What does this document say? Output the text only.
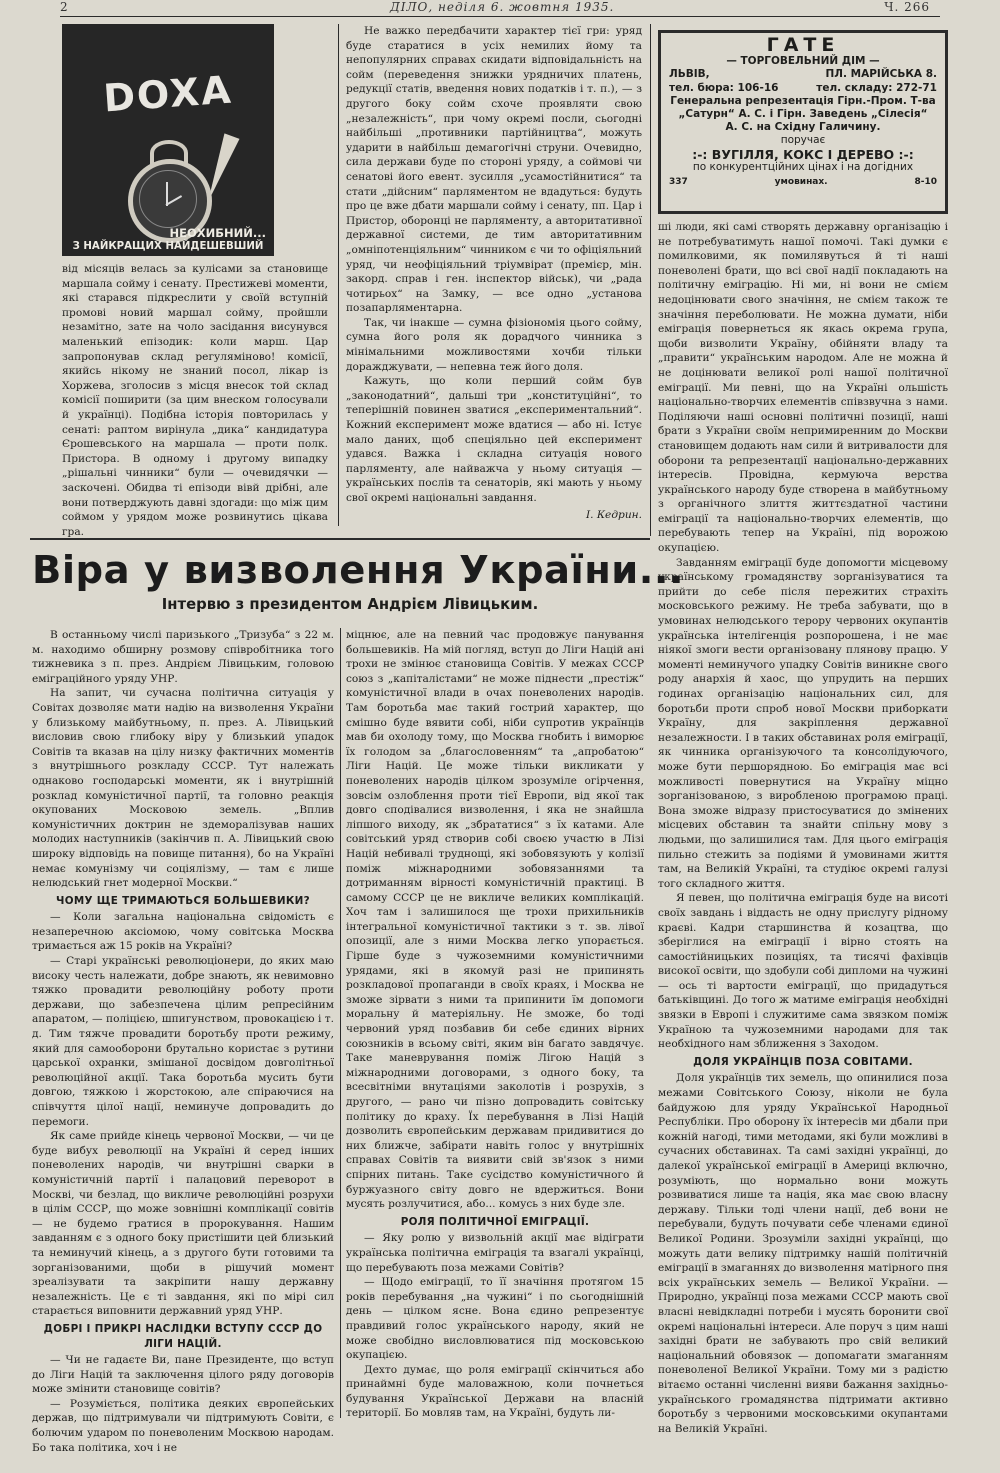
2	ДІЛО, неділя 6. жовтня 1935.	Ч. 266
DOXA
НЕОХИБНИЙ...
З НАЙКРАЩИХ НАЙДЕШЕВШИЙ

від місяців велась за кулісами за становище маршала сойму і сенату. Престижеві моменти, які старався підкреслити у своїй вступній промові новий маршал сойму, пройшли незамітно, зате на чоло засідання висунувся маленький епізодик: коли марш. Цар запропонував склад регуляміново! комісії, якийсь нікому не знаний посол, лікар із Хоржева, зголосив з місця внесок той склад комісії поширити (за цим внеском голосували й українці). Подібна історія повторилась у сенаті: раптом вирінула „дика“ кандидатура Єрошевського на маршала — проти полк. Пристора. В одному і другому випадку „рішальні чинники“ були — очевидячки — заскочені. Обидва ті епізоди вівй дрібні, але вони потверджують давні здогади: що між цим соймом у урядом може розвинутись цікава гра.

Не важко передбачити характер тієї гри: уряд буде старатися в усіх немилих йому та непопулярних справах скидати відповідальність на сойм (переведення знижки урядничих платень, редукції статів, введення нових податків і т. п.), — з другого боку сойм схоче проявляти свою „незалежність“, при чому окремі посли, сьогодні найбільші „противники партійництва“, можуть ударити в найбільш демагогічні струни. Очевидно, сила держави буде по стороні уряду, а соймові чи сенатові його евент. зусилля „усамостійнитися“ та стати „дійсним“ парляментом не вдадуться: будуть про це вже дбати маршали сойму і сенату, пп. Цар і Пристор, оборонці не парляменту, а авторитативної державної системи, де тим авторитативним „омніпотенціяльним“ чинником є чи то офіціяльний уряд, чи неофіціяльний тріумвірат (премієр, мін. закорд. справ і ген. інспектор військ), чи „рада чотирьох“ на Замку, — все одно „установа позапарляментарна.

Так, чи інакше — сумна фізіономія цього сойму, сумна його роля як дорадчого чинника з мінімальними можливостями хочби тільки доражджувати, — непевна теж його доля.

Кажуть, що коли перший сойм був „законодатний“, дальші три „конституційні“, то теперішній повинен зватися „експериментальний“. Кожний експеримент може вдатися — або ні. Істує мало даних, щоб спеціяльно цей експеримент удався. Важка і складна ситуація нового парляменту, але найважча у ньому ситуація — українських послів та сенаторів, які мають у ньому свої окремі національні завдання.

І. Кедрин.

ГАТЕ
— ТОРГОВЕЛЬНИЙ ДІМ —
ЛЬВІВ,	ПЛ. МАРІЙСЬКА 8.
тел. бюра: 106-16	тел. складу: 272-71
Генеральна репрезентація Гірн.-Пром. Т-ва
„Сатурн“ А. С. і Гірн. Заведень „Сілесія“
А. С. на Східну Галичину.
поручає
:-: ВУГІЛЛЯ, КОКС І ДЕРЕВО :-:
по конкурентційних цінах і на догідних
337	умовинах.	8-10

ші люди, які самі створять державну організацію і не потребуватимуть нашої помочі. Такі думки є помилковими, як помилявуться й ті наші поневолені брати, що всі свої надії покладають на політичну еміграцію. Ні ми, ні вони не смієм недоцінювати свого значіння, не смієм також те значіння переболювати. Не можна думати, ніби еміграція повернеться як якась окрема група, щоби визволити Україну, обійняти владу та „правити“ українським народом. Але не можна й не доцінювати великої ролі нашої політичної еміграції. Ми певні, що на Україні ольшість національно-творчих елементів співзвучна з нами. Поділяючи наші основні політичні позиції, наші брати з України своїм непримиренним до Москви становищем додають нам сили й витривалости для оборони та репрезентації національно-державних інтересів. Провідна, кермуюча верства українського народу буде створена в майбутньому з органічного злиття життєздатної частини еміграції та національно-творчих елементів, що перебувають тепер на Україні, під ворожою окупацією.

Завданням еміграції буде допомогти місцевому українському громадянству зорганізуватися та прийти до себе після пережитих страхіть московського режиму. Не треба забувати, що в умовинах нелюдського терору червоних окупантів українська інтелігенція розпорошена, і не має ніякої змоги вести організовану плянову працю. У моменті неминучого упадку Совітів виникне свого роду анархія й хаос, що упрудить на перших годинах організацію національних сил, для боротьби проти спроб нової Москви приборкати Україну, для закріплення державної незалежности. І в таких обставинах роля еміграції, як чинника організуючого та консолідуючого, може бути першорядною. Бо еміграція має всі можливості повернутися на Україну міцно зорганізованою, з виробленою програмою праці. Вона зможе відразу пристосуватися до змінених місцевих обставин та знайти спільну мову з людьми, що залишилися там. Для цього еміграція пильно стежить за подіями й умовинами життя там, на Великій Україні, та студіює окремі галузі того складного життя.

Я певен, що політична еміграція буде на висоті своїх завдань і віддасть не одну прислугу рідному краєві. Кадри старшинства й козацтва, що зберіглися на еміграції і вірно стоять на самостійницьких позиціях, та тисячі фахівців високої освіти, що здобули собі дипломи на чужині — ось ті вартости еміграції, що придадуться батьківщині. До того ж матиме еміграція необхідні звязки в Европі і служитиме сама звязком поміж Україною та чужоземними народами для так необхідного нам зближення з Заходом.

ДОЛЯ УКРАЇНЦІВ ПОЗА СОВІТАМИ.

Доля українців тих земель, що опинилися поза межами Совітського Союзу, ніколи не була байдужою для уряду Української Народньої Республіки. Про оборону їх інтересів ми дбали при кожній нагоді, тими методами, які були можливі в сучасних обставинах. Та самі західні українці, до далекої української еміграції в Америці включно, розуміють, що нормально вони можуть розвиватися лише та нація, яка має свою власну державу. Тільки тоді члени нації, деб вони не перебували, будуть почувати себе членами єдиної Великої Родини. Зрозуміли західні українці, що можуть дати велику підтримку нашій політичній еміграції в змаганнях до визволення матірного пня всіх українських земель — Великої України. — Природно, українці поза межами СССР мають свої власні невідкладні потреби і мусять боронити свої окремі національні інтереси. Але поруч з цим наші західні брати не забувають про свій великий національний обовязок — допомагати змаганням поневоленої Великої України. Тому ми з радістю вітаємо останні численні вияви бажання західньо-українського громадянства підтримати активно боротьбу з червоними московськими окупантами на Великій Україні.

Віра у визволення України...
Інтервю з президентом Андрієм Лівицьким.

В останньому числі паризького „Тризуба“ з 22 м. м. находимо обширну розмову співробітника того тижневика з п. през. Андрієм Лівицьким, головою еміграційного уряду УНР.

На запит, чи сучасна політична ситуація у Совітах дозволяє мати надію на визволення України у близькому майбутньому, п. през. А. Лівицький висловив свою глибоку віру у близький упадок Совітів та вказав на цілу низку фактичних моментів з внутрішнього розкладу СССР. Тут належать однаково господарські моменти, як і внутрішній розклад комуністичної партії, та головно реакція окупованих Московою земель. „Вплив комуністичних доктрин не здеморалізував наших молодих наступників (закінчив п. А. Лівицький свою широку відповідь на повище питання), бо на Україні немає комунізму чи соціялізму, — там є лише нелюдський гнет модерної Москви.“

ЧОМУ ЩЕ ТРИМАЮТЬСЯ БОЛЬШЕВИКИ?

— Коли загальна національна свідомість є незаперечною аксіомою, чому совітська Москва тримається аж 15 років на Україні?

— Старі українські революціонери, до яких маю високу честь належати, добре знають, як невимовно тяжко провадити революційну роботу проти держави, що забезпечена цілим репресійним апаратом, — поліцією, шпигунством, провокацією і т. д. Тим тяжче провадити боротьбу проти режиму, який для самооборони брутально користає з рутини царської охранки, змішаної досвідом довголітньої революційної акції. Така боротьба мусить бути довгою, тяжкою і жорстокою, але спіраючися на співчуття цілої нації, неминуче допровадить до перемоги.

Як саме прийде кінець червоної Москви, — чи це буде вибух революції на Україні й серед інших поневолених народів, чи внутрішні сварки в комуністичній партії і палацовий переворот в Москві, чи безлад, що викличе революційні розрухи в цілім СССР, що може зовнішні комплікації совітів — не будемо гратися в пророкування. Нашим завданням є з одного боку пристішити цей близький та неминучий кінець, а з другого бути готовими та зорганізованими, щоби в рішучий момент зреалізувати та закріпити нашу державну незалежність. Це є ті завдання, які по мірі сил старається виповнити державний уряд УНР.

ДОБРІ І ПРИКРІ НАСЛІДКИ ВСТУПУ СССР ДО ЛІГИ НАЦІЙ.

— Чи не гадаєте Ви, пане Президенте, що вступ до Ліги Націй та заключення цілого ряду договорів може змінити становище совітів?

— Розуміється, політика деяких європейських держав, що підтримували чи підтримують Совіти, є болючим ударом по поневоленим Москвою народам. Бо така політика, хоч і не

міцнює, але на певний час продовжує панування большевиків. На мій погляд, вступ до Ліги Націй ані трохи не змінює становища Совітів. У межах СССР союз з „капіталістами“ не може піднести „престіж“ комуністичної влади в очах поневолених народів. Там боротьба має такий гострий характер, що смішно буде вявити собі, ніби супротив українців мав би охолоду тому, що Москва гнобить і виморює їх голодом за „благословенням“ та „апробатою“ Ліги Націй. Це може тільки викликати у поневолених народів цілком зрозуміле огірчення, зовсім озлоблення проти тієї Европи, від якої так довго сподівалися визволення, і яка не знайшла ліпшого виходу, як „збрататися“ з їх катами. Але совітський уряд створив собі своєю участю в Лізі Націй небивалі труднощі, які зобовязують у колізії поміж міжнародними зобовязаннями та дотриманням вірності комуністичній практиці. В самому СССР це не викличе великих комплікацій. Хоч там і залишилося ще трохи прихильників інтегральної комуністичної тактики з т. зв. лівої опозиції, але з ними Москва легко упорається. Гірше буде з чужоземними комуністичними урядами, які в якомуй разі не припинять розкладової пропаганди в своїх краях, і Москва не зможе зірвати з ними та припинити їм допомоги моральну й матеріяльну. Не зможе, бо тоді червоний уряд позбавив би себе єдиних вірних союзників в всьому світі, яким він багато завдячує. Таке маневрування поміж Лігою Націй з міжнародними договорами, з одного боку, та всесвітніми внутаціями заколотів і розрухів, з другого, — рано чи пізно допровадить совітську політику до краху. Їх перебування в Лізі Націй дозволить європейським державам придивитися до них ближче, забірати навіть голос у внутрішніх справах Совітів та виявити свій зв'язок з ними спірних питань. Таке сусідство комуністичного й буржуазного світу довго не вдержиться. Вони мусять розлучитися, або... комусь з них буде зле.

РОЛЯ ПОЛІТИЧНОЇ ЕМІГРАЦІЇ.

— Яку ролю у визвольній акції має відіграти українська політична еміграція та взагалі українці, що перебувають поза межами Совітів?

— Щодо еміграції, то її значіння протягом 15 років перебування „на чужині“ і по сьогоднішній день — цілком ясне. Вона єдино репрезентує правдивий голос українського народу, який не може свобідно висловлюватися під московською окупацією.

Дехто думає, що роля еміграції скінчиться або принаймні буде маловажною, коли почнеться будування Української Держави на власній території. Бо мовляв там, на Україні, будуть ли-
